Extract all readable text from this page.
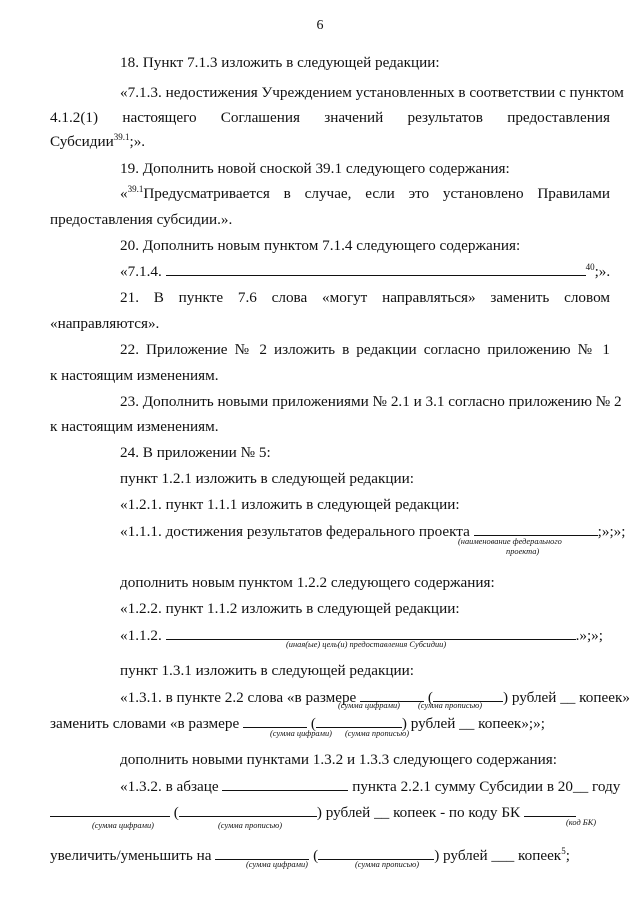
6
18. Пункт 7.1.3 изложить в следующей редакции:
«7.1.3. недостижения Учреждением установленных в соответствии с пунктом
4.1.2(1) настоящего Соглашения значений результатов предоставления
Субсидии$^{39.1}$;».
19. Дополнить новой сноской 39.1 следующего содержания:
«$^{39.1}$Предусматривается в случае, если это установлено Правилами
предоставления субсидии.».
20. Дополнить новым пунктом 7.1.4 следующего содержания:
«7.1.4.	$^{40}$;».
21. В пункте 7.6 слова «могут направляться» заменить словом
«направляются».
22. Приложение № 2 изложить в редакции согласно приложению № 1
к настоящим изменениям.
23. Дополнить новыми приложениями № 2.1 и 3.1 согласно приложению № 2
к настоящим изменениям.
24. В приложении № 5:
пункт 1.2.1 изложить в следующей редакции:
«1.2.1. пункт 1.1.1 изложить в следующей редакции:
«1.1.1. достижения результатов федерального проекта	;»;»;
(наименование федерального
проекта)
дополнить новым пунктом 1.2.2 следующего содержания:
«1.2.2. пункт 1.1.2 изложить в следующей редакции:
«1.1.2.	.»;»;
(иная(ые) цель(и) предоставления Субсидии)
пункт 1.3.1 изложить в следующей редакции:
«1.3.1. в пункте 2.2 слова «в размере	(	) рублей __ копеек»
(сумма цифрами) (сумма прописью)
заменить словами «в размере	(	) рублей __ копеек»;»;
(сумма цифрами) (сумма прописью)
дополнить новыми пунктами 1.3.2 и 1.3.3 следующего содержания:
«1.3.2. в абзаце	пункта 2.2.1 сумму Субсидии в 20__ году
(	) рублей __ копеек - по коду БК
(сумма цифрами)	(сумма прописью)	(код БК)
увеличить/уменьшить на	(	) рублей ___ копеек$^5$;
(сумма цифрами)	(сумма прописью)
